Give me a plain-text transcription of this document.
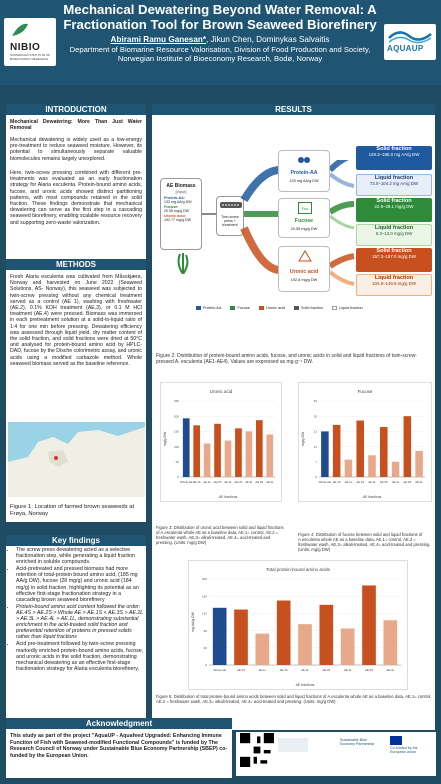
NIBIO
NORWEGIAN INSTITUTE OF BIOECONOMY RESEARCH
Mechanical Dewatering Beyond Water Removal: A Fractionation Tool for Brown Seaweed Biorefinery
Abirami Ramu Ganesan*, Jikun Chen, Dominykas Salvaitis
Department of Biomarine Resource Valorisation, Division of Food Production and Society, Norwegian Institute of Bioeconomy Research, Bodø, Norway
AQUAUP
INTRODUCTION
Mechanical Dewatering: More Than Just Water Removal
Mechanical dewatering is widely used as a low-energy pre-treatment to reduce seaweed moisture. However, its potential to simultaneously separate valuable biomolecules remains largely unexplored.
Here, twin-screw pressing combined with different pre-treatments was evaluated as an early fractionation strategy for Alaria esculenta. Protein-bound amino acids, fucose, and uronic acids showed distinct partitioning patterns, with most compounds retained in the solid fraction. These findings demonstrate that mechanical dewatering can serve as the first step in a cascading seaweed biorefinery, enabling scalable resource recovery and supporting zero-waste valorization.
METHODS
Fresh Alaria esculenta was cultivated from Måsskjæra, Norway and harvested on June 2022 (Seaweed Solutions, AS- Norway), this seaweed was subjected to twin-screw pressing without any chemical treatment served as a control (AE 1), washing with freshwater (AE.2), 0.1% KOH treatment (AE.3), or 0.1 M HCl treatment (AE.4) were pressed. Biomass was immersed in each pretreatment solution at a solid-to-liquid ratio of 1:4 for one min before pressing. Dewatering efficiency was assessed through liquid yield, dry matter content of the solid fraction, and solid fractions were dried at 50°C and analysed for protein-bound amino acid by HPLC-DAD, fucose by the Dische colorimetric assay, and uronic acids using a modified carbazole method. Whole seaweed biomass served as the baseline reference.
Figure 1: Location of farmed brown seaweeds at Frøya, Norway
Key findings
• The screw press dewatering acted as a selective fractionation step, while generating a liquid fraction enriched in soluble compounds.
• Acid-pretreated and pressed biomass had more retention of total-protein bound amino acid, (185 mg AA/g DW), fucose (28 mg/g) and uronic acid (184 mg/g) in solid fraction. highlighting its potential as an effective first-stage fractionation strategy in a cascading brown seaweed biorefinery
• Protein-bound amino acid content followed the order: AE.4S > AE.2S > Whole AE > AE.1S < AE.3S > AE.2L > AE.3L > AE.4L > AE.1L, demonstrating substantial enrichment in the acid-treated solid fraction and preferential retention of proteins in pressed solids rather than liquid fractions
• Acid pre-treatment followed by twin-screw pressing markedly enriched protein-bound amino acids, fucose, and uronic acids in the solid fraction, demonstrating mechanical dewatering as an effective first-stage fractionation strategy for Alaria esculenta biorefinery.
RESULTS
AE Biomass
[input]
Protein-AA:
133 mg AA/g DW
Fucose:
20.55 mg/g DW
Uronic acid:
192.77 mg/g DW
Twin screw press + treatment
Protein-AA
133 mg AA/g DW
Fuc
Fucose
20.55 mg/g DW
Uronic acid
192.8 mg/g DW
Solid fraction
129.3–185.0 mg AA/g DW
Liquid fraction
73.0–104.2 mg AA/g DW
Solid fraction
22.8–28.1 mg/g DW
Liquid fraction
6.3–13.0 mg/g DW
Solid fraction
157.3–187.0 mg/g DW
Liquid fraction
104.8–149.9 mg/g DW
Protein-AA	Fucose	Uronic acid	Solid fraction	Liquid fraction
Figure 2: Distribution of protein-bound amino acids, fucose, and uronic acids in solid and liquid fractions of twin-screw-pressed A. esculenta (AE1-AE4). Values are expressed as mg·g⁻¹ DW.
Uronic acid
mg/g DW
AE fractions
0
50
100
150
200
250
Whole AE AE.1S AE.1L AE.2S AE.2L AE.3S AE.3L AE.4S AE.4L
Fucose
mg/g DW
AE fractions
0
7
14
21
28
35
Whole AE AE.1S AE.1L AE.2S AE.2L AE.3S AE.3L AE.4S AE.4L
Figure 3: Distribution of uronic acid between solid and liquid fractions of A.esculenta whole AE as a baseline data, AE.1= control, AE.2 = freshwater wash, AE.3= alkali-treated, AE.4= acid-treated and pressing. (Units: mg/g DW)
Figure 4: Distribution of fucose between solid and liquid fractions of A.esculenta whole AE as a baseline data, AE.1= control, AE.2 = freshwater wash, AE.3= alkali-treated, AE.4= acid-treated and pressing. (Units: mg/g DW)
Total protein-bound amino acids
mg AA/g DW
AE fractions
0
40
80
120
160
200
Whole AE	AE.1S	AE.1L	AE.2S	AE.2L	AE.3S	AE.3L	AE.4S	AE.4L
Figure 5: Distribution of total protein-bound amino acids between solid and liquid fractions of A.esculenta whole AE as a baseline data, AE.1= control, AE.2 = freshwater wash, AE.3= alkali-treated, AE.4= acid-treated and pressing. (Units: mg/g DW)
Acknowledgment
This study as part of the project "AquaUP - Aquafeed Upgraded: Enhancing Immune Function of Fish with Seaweed-modified Functional Compounds" is funded by The Research Council of Norway under Sustainable Blue Economy Partnership (SBEP) co-funded by the European Union.
Sustainable Blue Economy Partnership
Co-funded by the European Union
